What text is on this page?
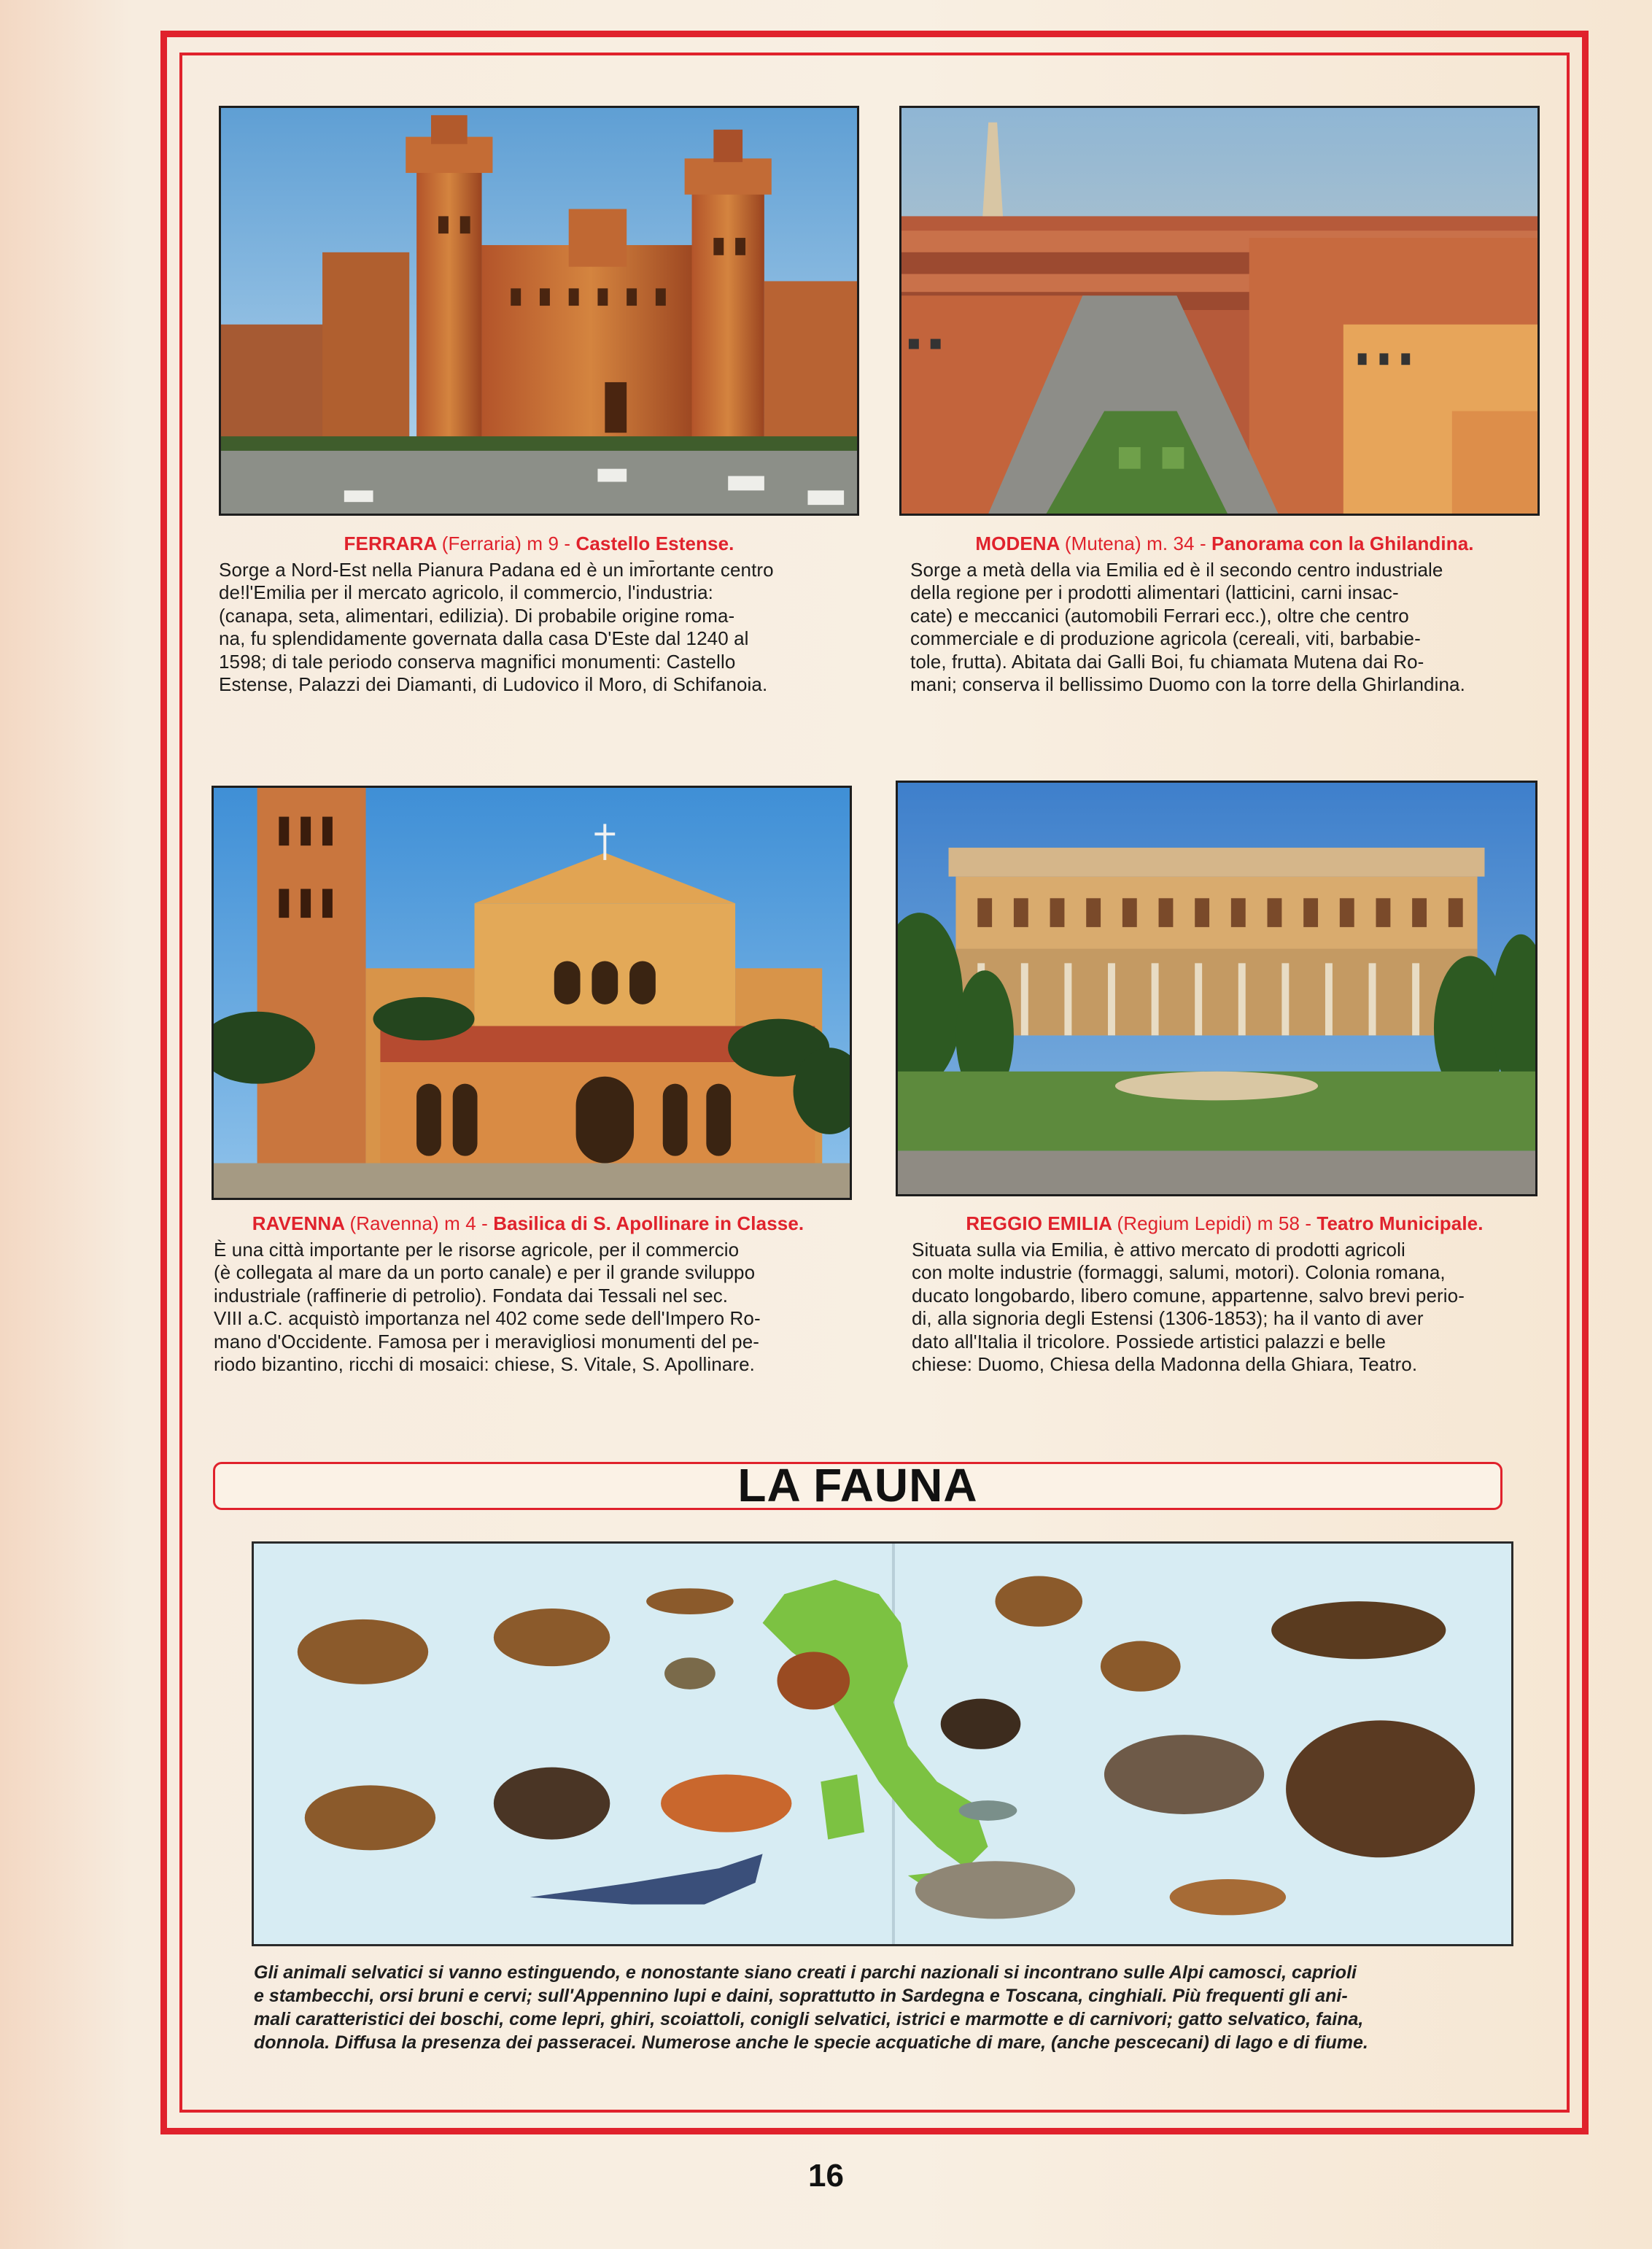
FERRARA (Ferraria) m 9 - Castello Estense.
Sorge a Nord-Est nella Pianura Padana ed è un imr̄ortante centro
de!l'Emilia per il mercato agricolo, il commercio, l'industria:
(canapa, seta, alimentari, edilizia). Di probabile origine roma-
na, fu splendidamente governata dalla casa D'Este dal 1240 al
1598; di tale periodo conserva magnifici monumenti: Castello
Estense, Palazzi dei Diamanti, di Ludovico il Moro, di Schifanoia.
MODENA (Mutena) m. 34 - Panorama con la Ghilandina.
Sorge a metà della via Emilia ed è il secondo centro industriale
della regione per i prodotti alimentari (latticini, carni insac-
cate) e meccanici (automobili Ferrari ecc.), oltre che centro
commerciale e di produzione agricola (cereali, viti, barbabie-
tole, frutta). Abitata dai Galli Boi, fu chiamata Mutena dai Ro-
mani; conserva il bellissimo Duomo con la torre della Ghirlandina.
RAVENNA (Ravenna) m 4 - Basilica di S. Apollinare in Classe.
È una città importante per le risorse agricole, per il commercio
(è collegata al mare da un porto canale) e per il grande sviluppo
industriale (raffinerie di petrolio). Fondata dai Tessali nel sec.
VIII a.C. acquistò importanza nel 402 come sede dell'Impero Ro-
mano d'Occidente. Famosa per i meravigliosi monumenti del pe-
riodo bizantino, ricchi di mosaici: chiese, S. Vitale, S. Apollinare.
REGGIO EMILIA (Regium Lepidi) m 58 - Teatro Municipale.
Situata sulla via Emilia, è attivo mercato di prodotti agricoli
con molte industrie (formaggi, salumi, motori). Colonia romana,
ducato longobardo, libero comune, appartenne, salvo brevi perio-
di, alla signoria degli Estensi (1306-1853); ha il vanto di aver
dato all'Italia il tricolore. Possiede artistici palazzi e belle
chiese: Duomo, Chiesa della Madonna della Ghiara, Teatro.
LA FAUNA
Gli animali selvatici si vanno estinguendo, e nonostante siano creati i parchi nazionali si incontrano sulle Alpi camosci, caprioli
e stambecchi, orsi bruni e cervi; sull'Appennino lupi e daini, soprattutto in Sardegna e Toscana, cinghiali. Più frequenti gli ani-
mali caratteristici dei boschi, come lepri, ghiri, scoiattoli, conigli selvatici, istrici e marmotte e di carnivori; gatto selvatico, faina,
donnola. Diffusa la presenza dei passeracei. Numerose anche le specie acquatiche di mare, (anche pescecani) di lago e di fiume.
16
